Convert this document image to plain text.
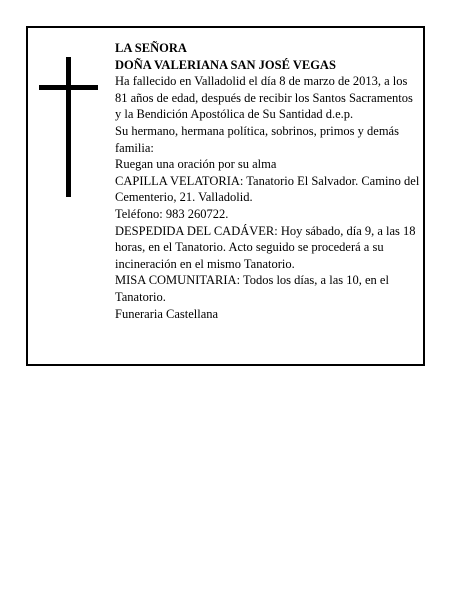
LA SEÑORA

DOÑA VALERIANA SAN JOSÉ VEGAS

Ha fallecido en Valladolid el día 8 de marzo de 2013, a los 81 años de edad, después de recibir los Santos Sacramentos y la Bendición Apostólica de Su Santidad d.e.p.

Su hermano, hermana política, sobrinos, primos y demás familia:

Ruegan una oración por su alma

CAPILLA VELATORIA: Tanatorio El Salvador. Camino del Cementerio, 21. Valladolid.

Teléfono: 983 260722.

DESPEDIDA DEL CADÁVER: Hoy sábado, día 9, a las 18 horas, en el Tanatorio. Acto seguido se procederá a su incineración en el mismo Tanatorio.

MISA COMUNITARIA: Todos los días, a las 10, en el Tanatorio.

Funeraria Castellana
